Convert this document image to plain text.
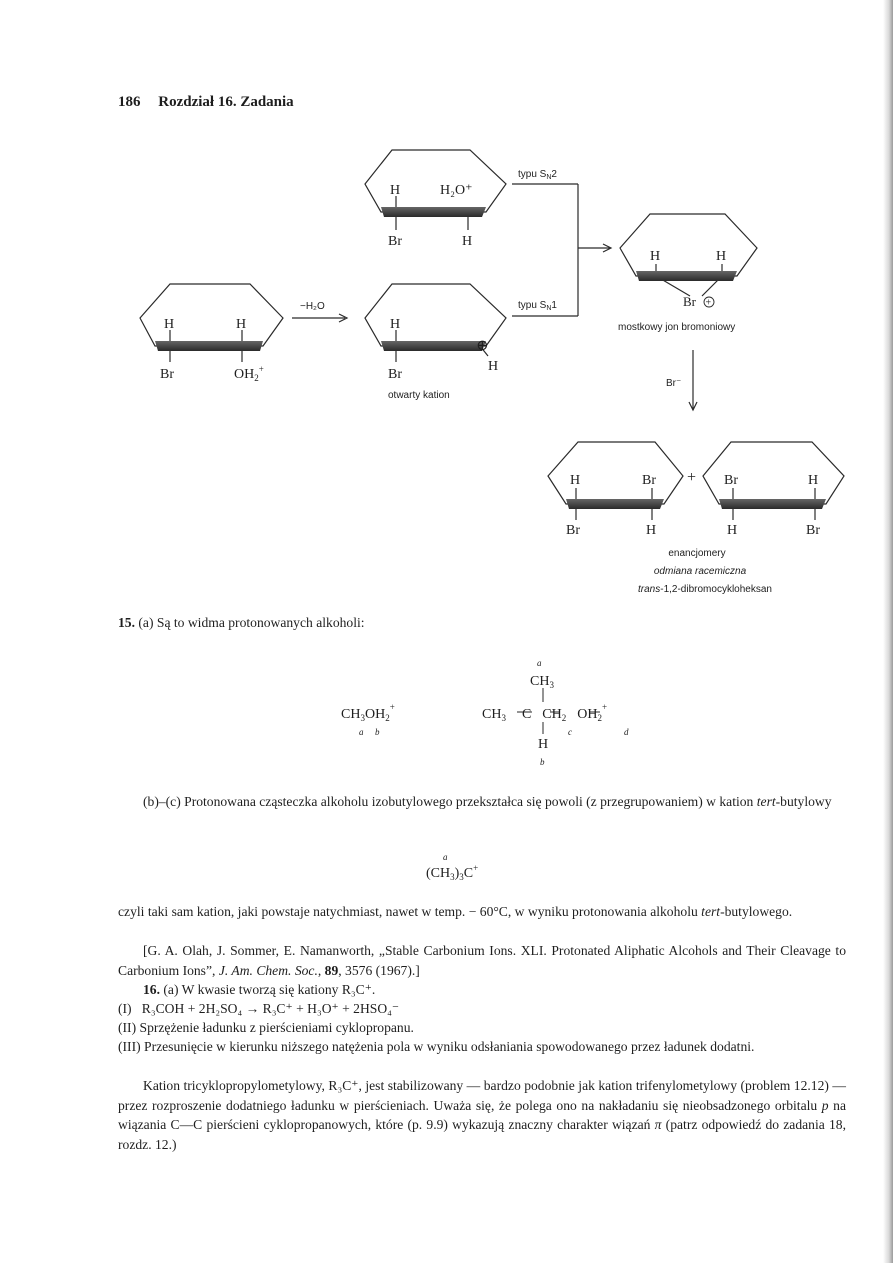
186 Rozdział 16. Zadania
H	H
Br	$OH_2^+$
−H₂O
H	H₂O⁺
Br	H
H
Br
⊕
H
otwarty kation
typu $S_N2$
typu $S_N1$
H	H
Br +
mostkowy jon bromoniowy
Br⁻
H	Br
Br	H
+ Br	H
H	Br
enancjomery
odmiana racemiczna
trans-1,2-dibromocykloheksan

15. (a) Są to widma protonowanych alkoholi:

$CH_3OH_2^+$
a b
a
$CH_3$
$CH_3$ C $CH_2$ $OH_2^+$
c	d
H
b

(b)–(c) Protonowana cząsteczka alkoholu izobutylowego przekształca się powoli (z przegrupowaniem) w kation tert-butylowy

a
$(CH_3)_3C^+$

czyli taki sam kation, jaki powstaje natychmiast, nawet w temp. − 60°C, w wyniku protonowania alkoholu tert-butylowego.

[G. A. Olah, J. Sommer, E. Namanworth, „Stable Carbonium Ions. XLI. Protonated Aliphatic Alcohols and Their Cleavage to Carbonium Ions”, J. Am. Chem. Soc., 89, 3576 (1967).]

16. (a) W kwasie tworzą się kationy R₃C⁺.

(I) R₃COH + 2H₂SO₄ → R₃C⁺ + H₃O⁺ + 2HSO₄⁻

(II) Sprzężenie ładunku z pierścieniami cyklopropanu.

(III) Przesunięcie w kierunku niższego natężenia pola w wyniku odsłaniania spowodowanego przez ładunek dodatni.

Kation tricyklopropylometylowy, R₃C⁺, jest stabilizowany — bardzo podobnie jak kation trifenylometylowy (problem 12.12) — przez rozproszenie dodatniego ładunku w pierścieniach. Uważa się, że polega ono na nakładaniu się nieobsadzonego orbitalu p na wiązania C—C pierścieni cyklopropanowych, które (p. 9.9) wykazują znaczny charakter wiązań π (patrz odpowiedź do zadania 18, rozdz. 12.)
